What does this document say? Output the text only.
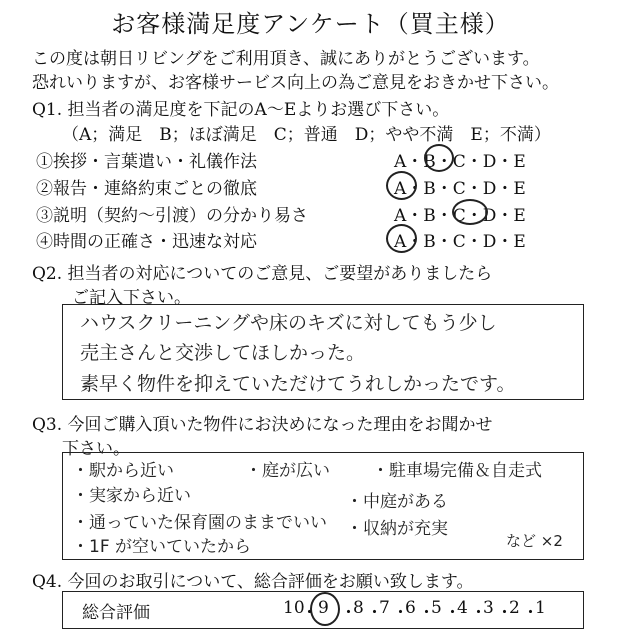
お客様満足度アンケート（買主様）
この度は朝日リビングをご利用頂き、誠にありがとうございます。
恐れいりますが、お客様サービス向上の為ご意見をおきかせ下さい。
Q1. 担当者の満足度を下記のA～Eよりお選び下さい。
（A；満足　B；ほぼ満足　C；普通　D；やや不満　E；不満）
①挨拶・言葉遣い・礼儀作法	A・B・C・D・E
②報告・連絡約束ごとの徹底	A・B・C・D・E
③説明（契約～引渡）の分かり易さ	A・B・C・D・E
④時間の正確さ・迅速な対応	A・B・C・D・E
Q2. 担当者の対応についてのご意見、ご要望がありましたら
ご記入下さい。
ハウスクリーニングや床のキズに対してもう少し
売主さんと交渉してほしかった。
素早く物件を抑えていただけてうれしかったです。
Q3. 今回ご購入頂いた物件にお決めになった理由をお聞かせ
下さい。
・駅から近い	・庭が広い ・駐車場完備＆自走式
・実家から近い	・中庭がある
・通っていた保育園のままでいい ・収納が充実
・1F が空いていたから	など ×2
Q4. 今回のお取引について、総合評価をお願い致します。
総合評価	10 9 ・
8 ・
7 ・
6 ・
5 ・
4 ・
3 ・
2 ・
1
・
